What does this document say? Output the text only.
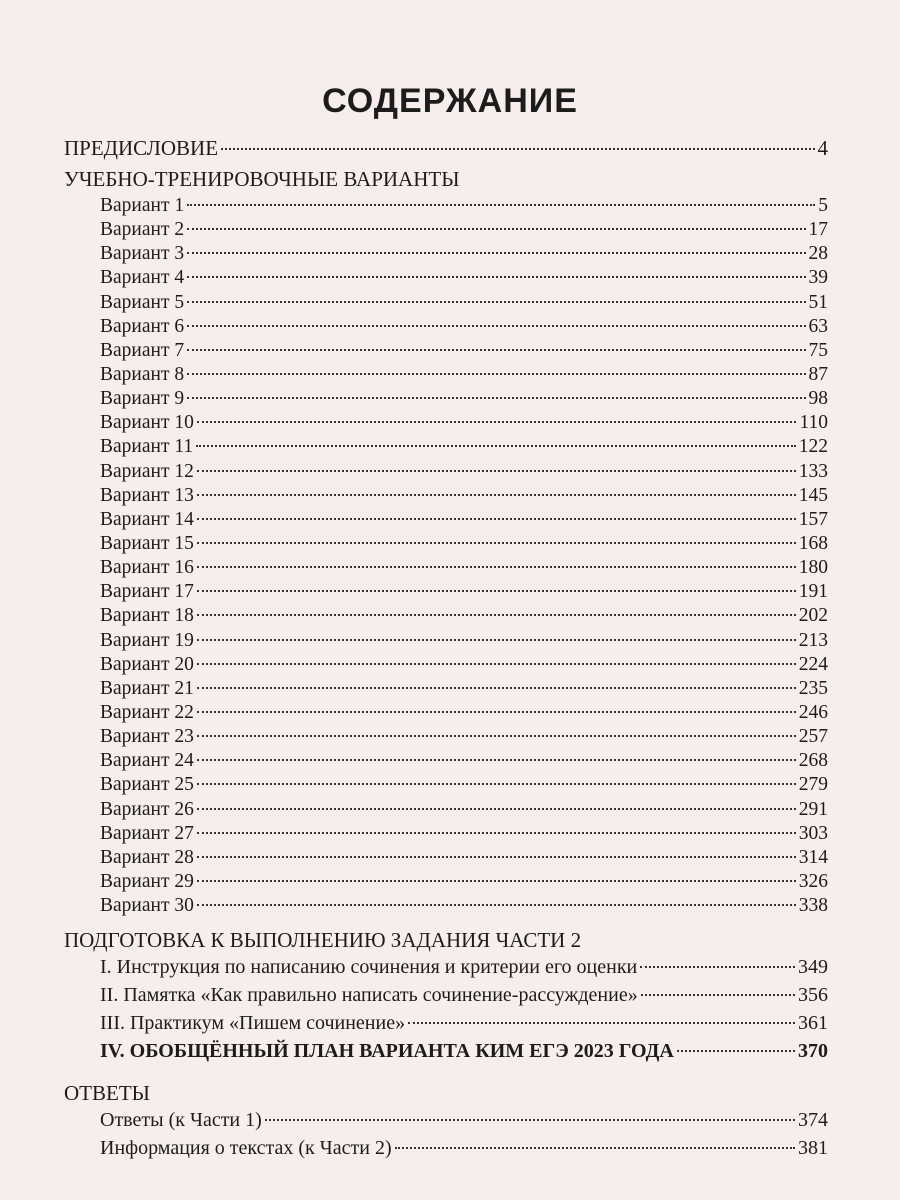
СОДЕРЖАНИЕ
ПРЕДИСЛОВИЕ	4
УЧЕБНО-ТРЕНИРОВОЧНЫЕ ВАРИАНТЫ
Вариант 1	5
Вариант 2	17
Вариант 3	28
Вариант 4	39
Вариант 5	51
Вариант 6	63
Вариант 7	75
Вариант 8	87
Вариант 9	98
Вариант 10	110
Вариант 11	122
Вариант 12	133
Вариант 13	145
Вариант 14	157
Вариант 15	168
Вариант 16	180
Вариант 17	191
Вариант 18	202
Вариант 19	213
Вариант 20	224
Вариант 21	235
Вариант 22	246
Вариант 23	257
Вариант 24	268
Вариант 25	279
Вариант 26	291
Вариант 27	303
Вариант 28	314
Вариант 29	326
Вариант 30	338
ПОДГОТОВКА К ВЫПОЛНЕНИЮ ЗАДАНИЯ ЧАСТИ 2
I. Инструкция по написанию сочинения и критерии его оценки	349
II. Памятка «Как правильно написать сочинение-рассуждение»	356
III. Практикум «Пишем сочинение»	361
IV. ОБОБЩЁННЫЙ ПЛАН ВАРИАНТА КИМ ЕГЭ 2023 ГОДА	370
ОТВЕТЫ
Ответы (к Части 1)	374
Информация о текстах (к Части 2)	381
